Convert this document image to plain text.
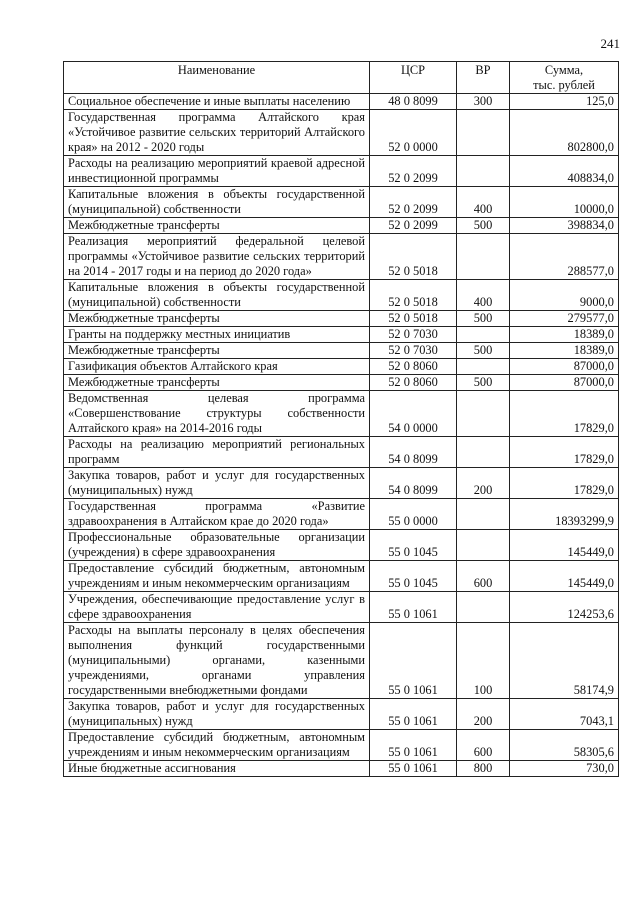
241
Наименование	ЦСР	ВР	Сумма,
тыс. рублей

Социальное обеспечение и иные выплаты населению	48 0 8099	300	125,0
Государственная программа Алтайского края «Устойчивое развитие сельских территорий Алтайского края» на 2012 - 2020 годы	52 0 0000		802800,0
Расходы на реализацию мероприятий краевой адресной инвестиционной программы	52 0 2099		408834,0
Капитальные вложения в объекты государственной (муниципальной) собственности	52 0 2099	400	10000,0
Межбюджетные трансферты	52 0 2099	500	398834,0
Реализация мероприятий федеральной целевой программы «Устойчивое развитие сельских территорий на 2014 - 2017 годы и на период до 2020 года»	52 0 5018		288577,0
Капитальные вложения в объекты государственной (муниципальной) собственности	52 0 5018	400	9000,0
Межбюджетные трансферты	52 0 5018	500	279577,0
Гранты на поддержку местных инициатив	52 0 7030		18389,0
Межбюджетные трансферты	52 0 7030	500	18389,0
Газификация объектов Алтайского края	52 0 8060		87000,0
Межбюджетные трансферты	52 0 8060	500	87000,0
Ведомственная целевая программа «Совершенствование структуры собственности Алтайского края» на 2014-2016 годы	54 0 0000		17829,0
Расходы на реализацию мероприятий региональных программ	54 0 8099		17829,0
Закупка товаров, работ и услуг для государственных (муниципальных) нужд	54 0 8099	200	17829,0
Государственная программа «Развитие здравоохранения в Алтайском крае до 2020 года»	55 0 0000		18393299,9
Профессиональные образовательные организации (учреждения) в сфере здравоохранения	55 0 1045		145449,0
Предоставление субсидий бюджетным, автономным учреждениям и иным некоммерческим организациям	55 0 1045	600	145449,0
Учреждения, обеспечивающие предоставление услуг в сфере здравоохранения	55 0 1061		124253,6
Расходы на выплаты персоналу в целях обеспечения выполнения функций государственными (муниципальными) органами, казенными учреждениями, органами управления государственными внебюджетными фондами	55 0 1061	100	58174,9
Закупка товаров, работ и услуг для государственных (муниципальных) нужд	55 0 1061	200	7043,1
Предоставление субсидий бюджетным, автономным учреждениям и иным некоммерческим организациям	55 0 1061	600	58305,6
Иные бюджетные ассигнования	55 0 1061	800	730,0
